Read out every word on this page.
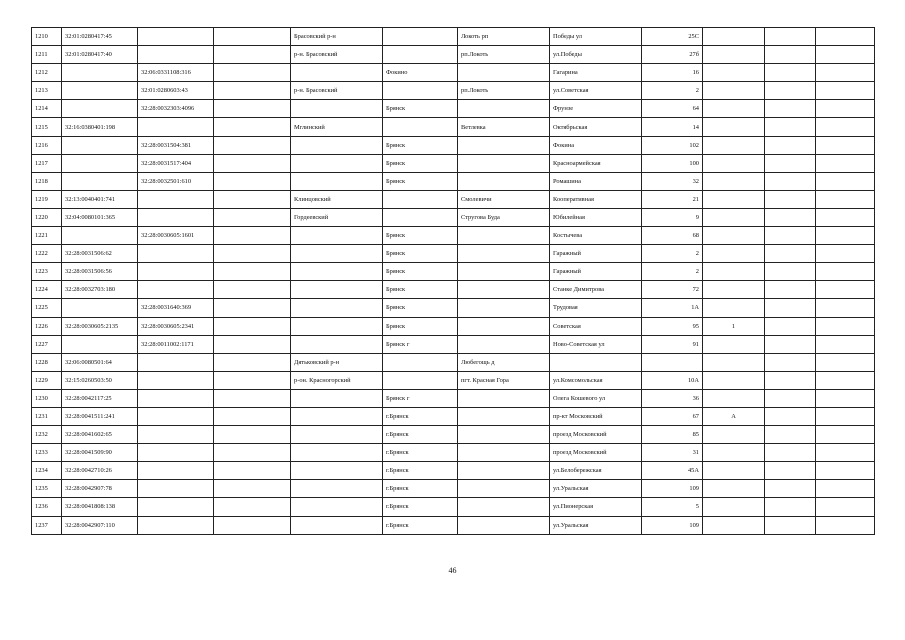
1210	32:01:0280417:45			Брасовский р-н		Локоть рп	Победы ул	25С			
1211	32:01:0280417:40			р-н. Брасовский		рп.Локоть	ул.Победы	27б			
1212		32:06:0331108:316			Фокино		Гагарина	16			
1213		32:01:0280603:43		р-н. Брасовский		рп.Локоть	ул.Советская	2			
1214		32:28:0032303:4096			Брянск		Фрунзе	64			
1215	32:16:0380401:198			Мглинский		Ветлевка	Октябрьская	14			
1216		32:28:0031504:381			Брянск		Фокина	102			
1217		32:28:0031517:404			Брянск		Красноармейская	100			
1218		32:28:0032501:610			Брянск		Ромашина	32			
1219	32:13:0040401:741			Клинцовский		Смолевичи	Кооперативная	21			
1220	32:04:0080101:365			Гордеевский		Струговa Буда	Юбилейная	9			
1221		32:28:0030605:1601			Брянск		Костычева	68			
1222	32:28:0031506:62				Брянск		Гаражный	2			
1223	32:28:0031506:56				Брянск		Гаражный	2			
1224	32:28:0032703:180				Брянск		Станке Димитрова	72			
1225		32:28:0031640:369			Брянск		Трудовая	1А			
1226	32:28:0030605:2135	32:28:0030605:2341			Брянск		Советская	95	1		
1227		32:28:0011002:1171			Брянск г		Ново-Советская ул	91			
1228	32:06:0080501:64			Дятьковский р-н		Любегощь д					
1229	32:15:0260503:50			р-он. Красногорский		пгт. Красная Гора	ул.Комсомольская	10А			
1230	32:28:0042117:25				Брянск г		Олега Кошевого ул	36			
1231	32:28:0041511:241				г.Брянск		пр-кт Московский	67	А		
1232	32:28:0041602:65				г.Брянск		проезд Московский	85			
1233	32:28:0041509:90				г.Брянск		проезд Московский	31			
1234	32:28:0042710:26				г.Брянск		ул.Белобережская	45А			
1235	32:28:0042907:78				г.Брянск		ул.Уральская	109			
1236	32:28:0041808:138				г.Брянск		ул.Пионерская	5			
1237	32:28:0042907:110				г.Брянск		ул.Уральская	109			
46
